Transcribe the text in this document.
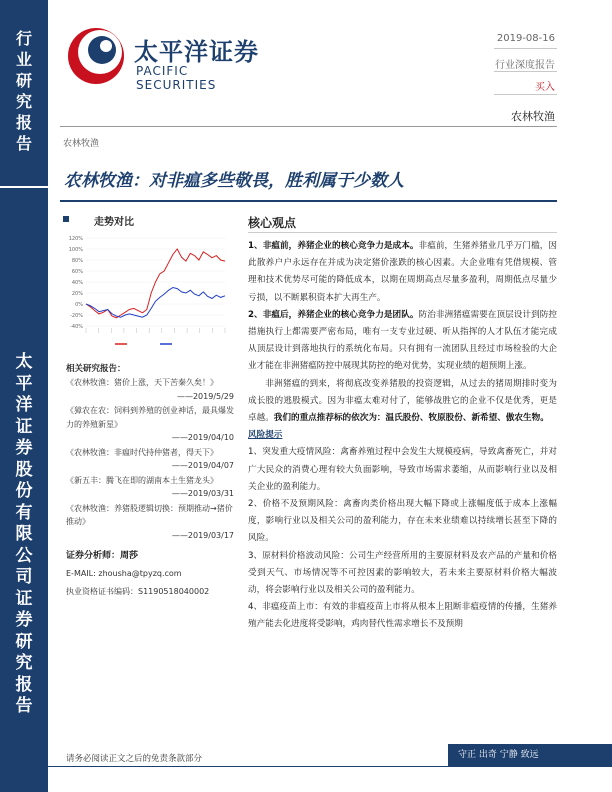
行
业
研
究
报
告
太
平
洋
证
券
股
份
有
限
公
司
证
券
研
究
报
告
太平洋证券
PACIFIC SECURITIES
2019-08-16
行业深度报告
买入
农林牧渔
农林牧渔
农林牧渔：对非瘟多些敬畏，胜利属于少数人
走势对比
120%
100%
80%
60%
40%
20%
0%
-20%
-40%
相关研究报告：
《农林牧渔：猪价上涨，天下苦秦久矣！》
——2019/5/29
《獐农在农：饲料到养殖的创业神话，最具爆发力的养殖新星》
——2019/04/10
《农林牧渔：非瘟时代持仲猪者，得天下》
——2019/04/07
《新五丰：腾飞在即的湖南本土生猪龙头》
——2019/03/31
《农林牧渔：养猪股逻辑切换：预期推动→猪价推动》
——2019/03/17
证券分析师：周莎
E-MAIL: zhousha@tpyzq.com
执业资格证书编码：S1190518040002
核心观点

1、非瘟前，养猪企业的核心竞争力是成本。非瘟前，生猪养猪业几乎万门槛，因此散养户户永远存在并成为决定猪价涨跌的核心因素。大企业唯有凭借规模、管理和技术优势尽可能的降低成本，以期在周期高点尽量多盈利，周期低点尽量少亏损，以不断累积资本扩大再生产。

2、非瘟后，养猪企业的核心竞争力是团队。防治非洲猪瘟需要在顶层设计到防控措施执行上都需要严密布局，唯有一支专业过硬、听从指挥的人才队伍才能完成从顶层设计到落地执行的系统化布局。只有拥有一流团队且经过市场检验的大企业才能在非洲猪瘟防控中展现其防控的绝对优势，实现业绩的超预期上涨。

非洲猪瘟的到来，将彻底改变养猪股的投资逻辑，从过去的猪周期排时变为成长股的逃股模式。因为非瘟太难对付了，能够战胜它的企业不仅是优秀，更是卓越。我们的重点推荐标的依次为：温氏股份、牧原股份、新希望、傲农生物。

风险提示

1、突发重大疫情风险：禽畜养殖过程中会发生大规模疫病，导致禽畜死亡，并对广大民众的消费心理有较大负面影响，导致市场需求萎缩，从而影响行业以及相关企业的盈利能力。

2、价格不及预期风险：禽畜肉类价格出现大幅下降或上涨幅度低于成本上涨幅度，影响行业以及相关公司的盈利能力，存在未来业绩难以持续增长甚至下降的风险。

3、原材料价格波动风险：公司生产经营所用的主要原材料及农产品的产量和价格受到天气、市场情况等不可控因素的影响较大，若未来主要原材料价格大幅波动，将会影响行业以及相关公司的盈利能力。

4、非瘟疫苗上市：有效的非瘟疫苗上市将从根本上阻断非瘟疫情的传播，生猪养殖产能去化进度将受影响，鸡肉替代性需求增长不及预期

请务必阅读正文之后的免责条款部分	守正 出奇 宁静 致远
